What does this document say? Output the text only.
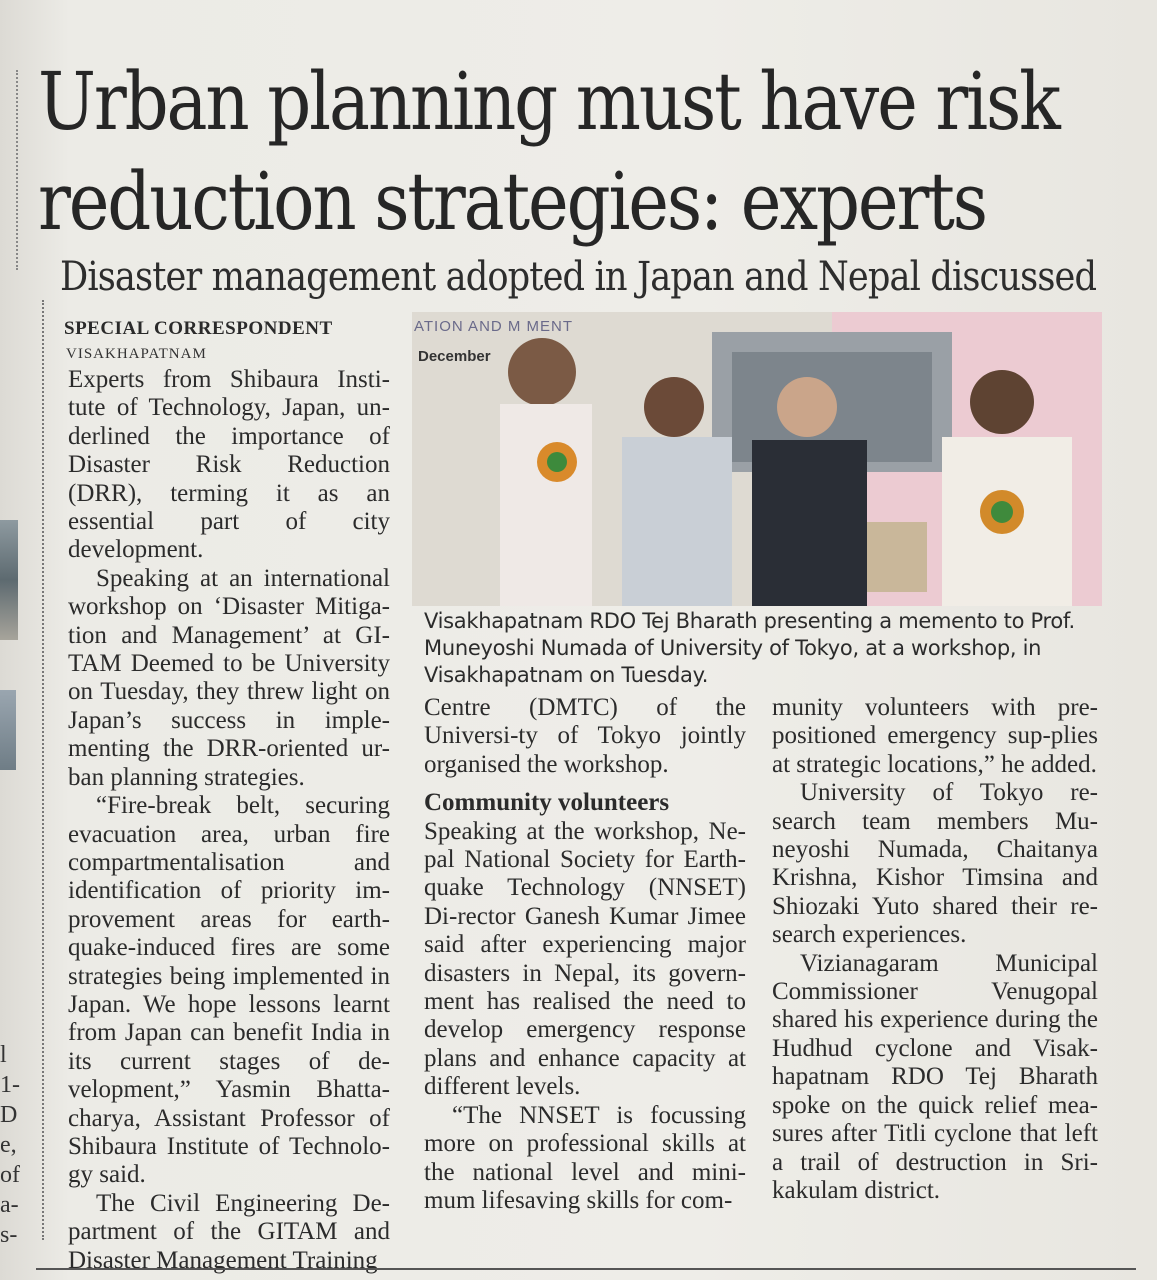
l
1-
D
e,
of
a-
s-
Urban planning must have risk
reduction strategies: experts
Disaster management adopted in Japan and Nepal discussed
SPECIAL CORRESPONDENT
VISAKHAPATNAM

Experts from Shibaura Insti-tute of Technology, Japan, un-derlined the importance of Disaster Risk Reduction (DRR), terming it as an essential part of city development.

Speaking at an international workshop on ‘Disaster Mitiga-tion and Management’ at GI-TAM Deemed to be University on Tuesday, they threw light on Japan’s success in imple-menting the DRR-oriented ur-ban planning strategies.

“Fire-break belt, securing evacuation area, urban fire compartmentalisation and identification of priority im-provement areas for earth-quake-induced fires are some strategies being implemented in Japan. We hope lessons learnt from Japan can benefit India in its current stages of de-velopment,” Yasmin Bhatta-charya, Assistant Professor of Shibaura Institute of Technolo-gy said.

The Civil Engineering De-partment of the GITAM and Disaster Management Training

ATION AND M MENT
December
Visakhapatnam RDO Tej Bharath presenting a memento to Prof. Muneyoshi Numada of University of Tokyo, at a workshop, in Visakhapatnam on Tuesday.

Centre (DMTC) of the Universi-ty of Tokyo jointly organised the workshop.

Community volunteers

Speaking at the workshop, Ne-pal National Society for Earth-quake Technology (NNSET) Di-rector Ganesh Kumar Jimee said after experiencing major disasters in Nepal, its govern-ment has realised the need to develop emergency response plans and enhance capacity at different levels.

“The NNSET is focussing more on professional skills at the national level and mini-mum lifesaving skills for com-

munity volunteers with pre-positioned emergency sup-plies at strategic locations,” he added.

University of Tokyo re-search team members Mu-neyoshi Numada, Chaitanya Krishna, Kishor Timsina and Shiozaki Yuto shared their re-search experiences.

Vizianagaram Municipal Commissioner Venugopal shared his experience during the Hudhud cyclone and Visak-hapatnam RDO Tej Bharath spoke on the quick relief mea-sures after Titli cyclone that left a trail of destruction in Sri-kakulam district.
